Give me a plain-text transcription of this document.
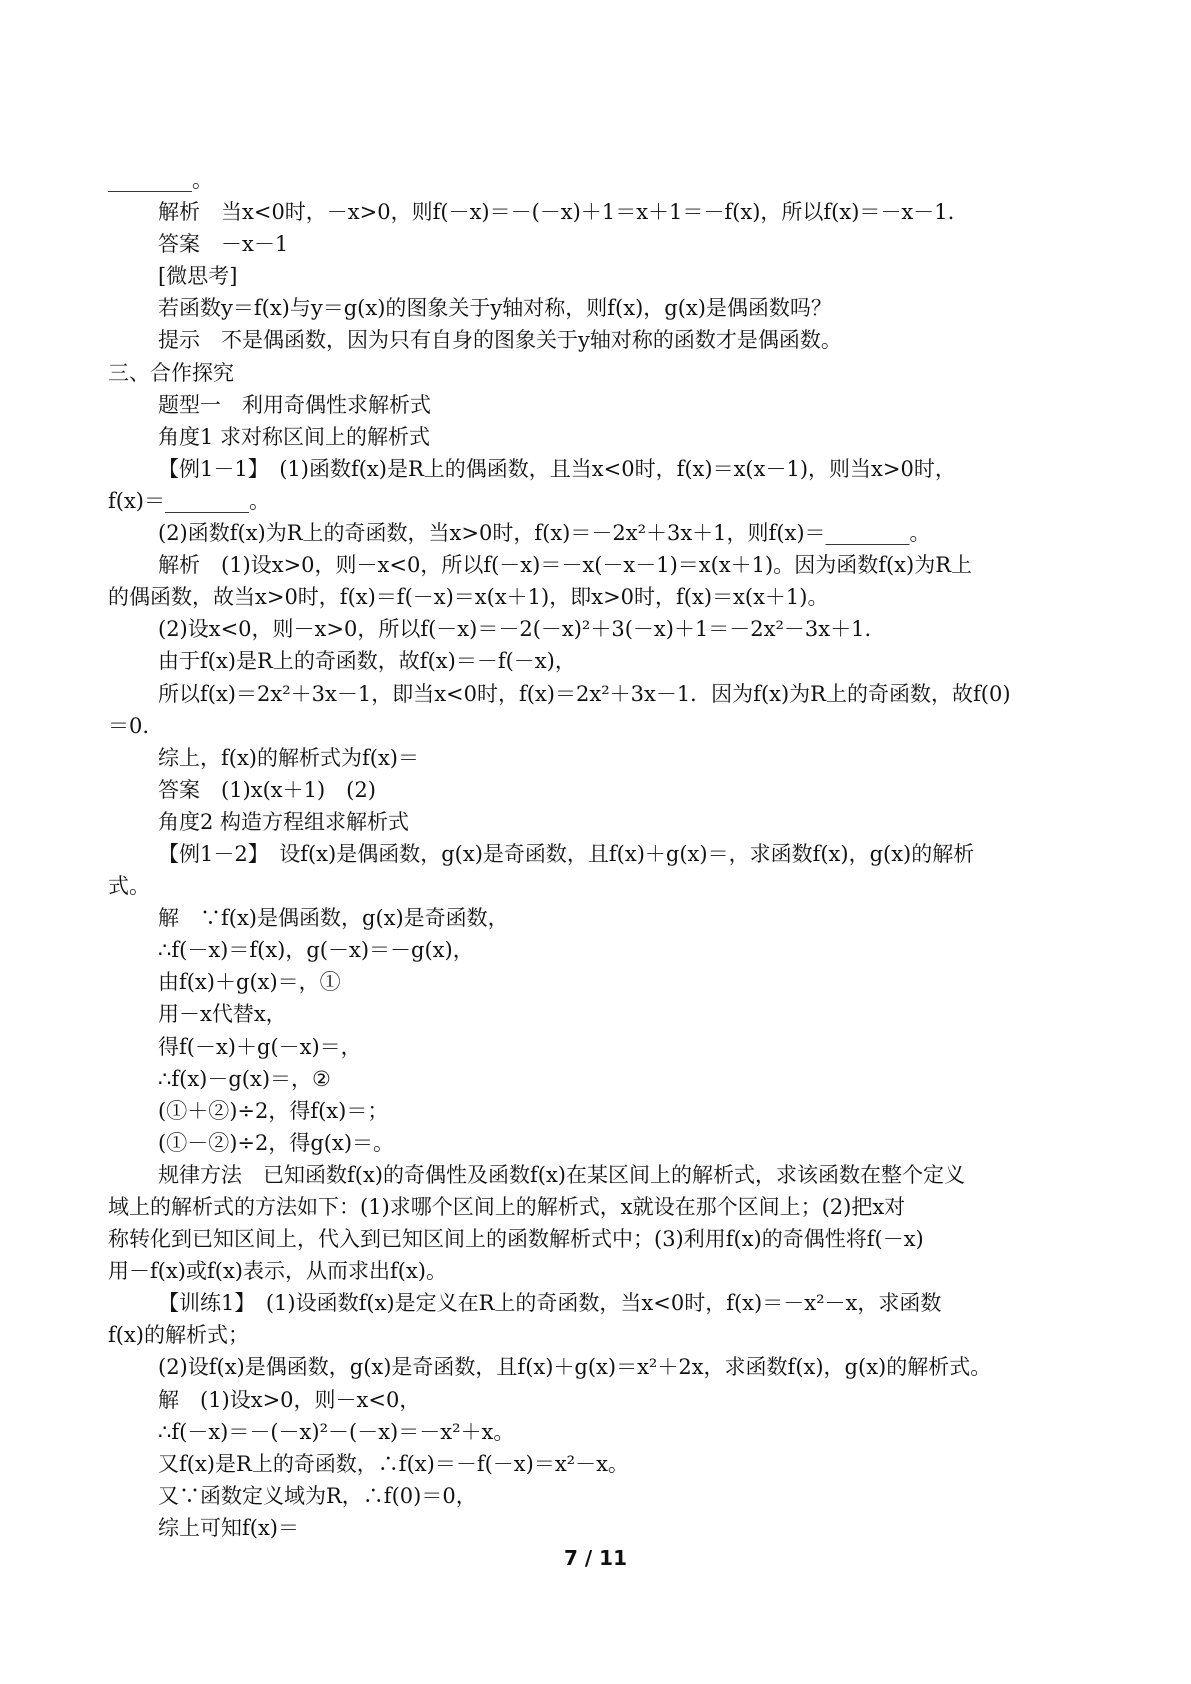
________。
解析　当x<0时，－x>0，则f(－x)＝－(－x)＋1＝x＋1＝－f(x)，所以f(x)＝－x－1.
答案　－x－1
[微思考]
若函数y＝f(x)与y＝g(x)的图象关于y轴对称，则f(x)，g(x)是偶函数吗？
提示　不是偶函数，因为只有自身的图象关于y轴对称的函数才是偶函数。
三、合作探究
题型一　利用奇偶性求解析式
角度1 求对称区间上的解析式
【例1－1】　(1)函数f(x)是R上的偶函数，且当x<0时，f(x)＝x(x－1)，则当x>0时，
f(x)＝________。
(2)函数f(x)为R上的奇函数，当x>0时，f(x)＝－2x²＋3x＋1，则f(x)＝________。
解析　(1)设x>0，则－x<0，所以f(－x)＝－x(－x－1)＝x(x＋1)。因为函数f(x)为R上
的偶函数，故当x>0时，f(x)＝f(－x)＝x(x＋1)，即x>0时，f(x)＝x(x＋1)。
(2)设x<0，则－x>0，所以f(－x)＝－2(－x)²＋3(－x)＋1＝－2x²－3x＋1.
由于f(x)是R上的奇函数，故f(x)＝－f(－x)，
所以f(x)＝2x²＋3x－1，即当x<0时，f(x)＝2x²＋3x－1．因为f(x)为R上的奇函数，故f(0)
＝0.
综上，f(x)的解析式为f(x)＝
答案　(1)x(x＋1)　(2)
角度2 构造方程组求解析式
【例1－2】　设f(x)是偶函数，g(x)是奇函数，且f(x)＋g(x)＝，求函数f(x)，g(x)的解析
式。
解　∵f(x)是偶函数，g(x)是奇函数，
∴f(－x)＝f(x)，g(－x)＝－g(x)，
由f(x)＋g(x)＝，①
用－x代替x，
得f(－x)＋g(－x)＝，
∴f(x)－g(x)＝，②
(①＋②)÷2，得f(x)＝；
(①－②)÷2，得g(x)＝。
规律方法　已知函数f(x)的奇偶性及函数f(x)在某区间上的解析式，求该函数在整个定义
域上的解析式的方法如下：(1)求哪个区间上的解析式，x就设在那个区间上；(2)把x对
称转化到已知区间上，代入到已知区间上的函数解析式中；(3)利用f(x)的奇偶性将f(－x)
用－f(x)或f(x)表示，从而求出f(x)。
【训练1】　(1)设函数f(x)是定义在R上的奇函数，当x<0时，f(x)＝－x²－x，求函数
f(x)的解析式；
(2)设f(x)是偶函数，g(x)是奇函数，且f(x)＋g(x)＝x²＋2x，求函数f(x)，g(x)的解析式。
解　(1)设x>0，则－x<0，
∴f(－x)＝－(－x)²－(－x)＝－x²＋x。
又f(x)是R上的奇函数，∴f(x)＝－f(－x)＝x²－x。
又∵函数定义域为R，∴f(0)＝0，
综上可知f(x)＝
7 / 11
